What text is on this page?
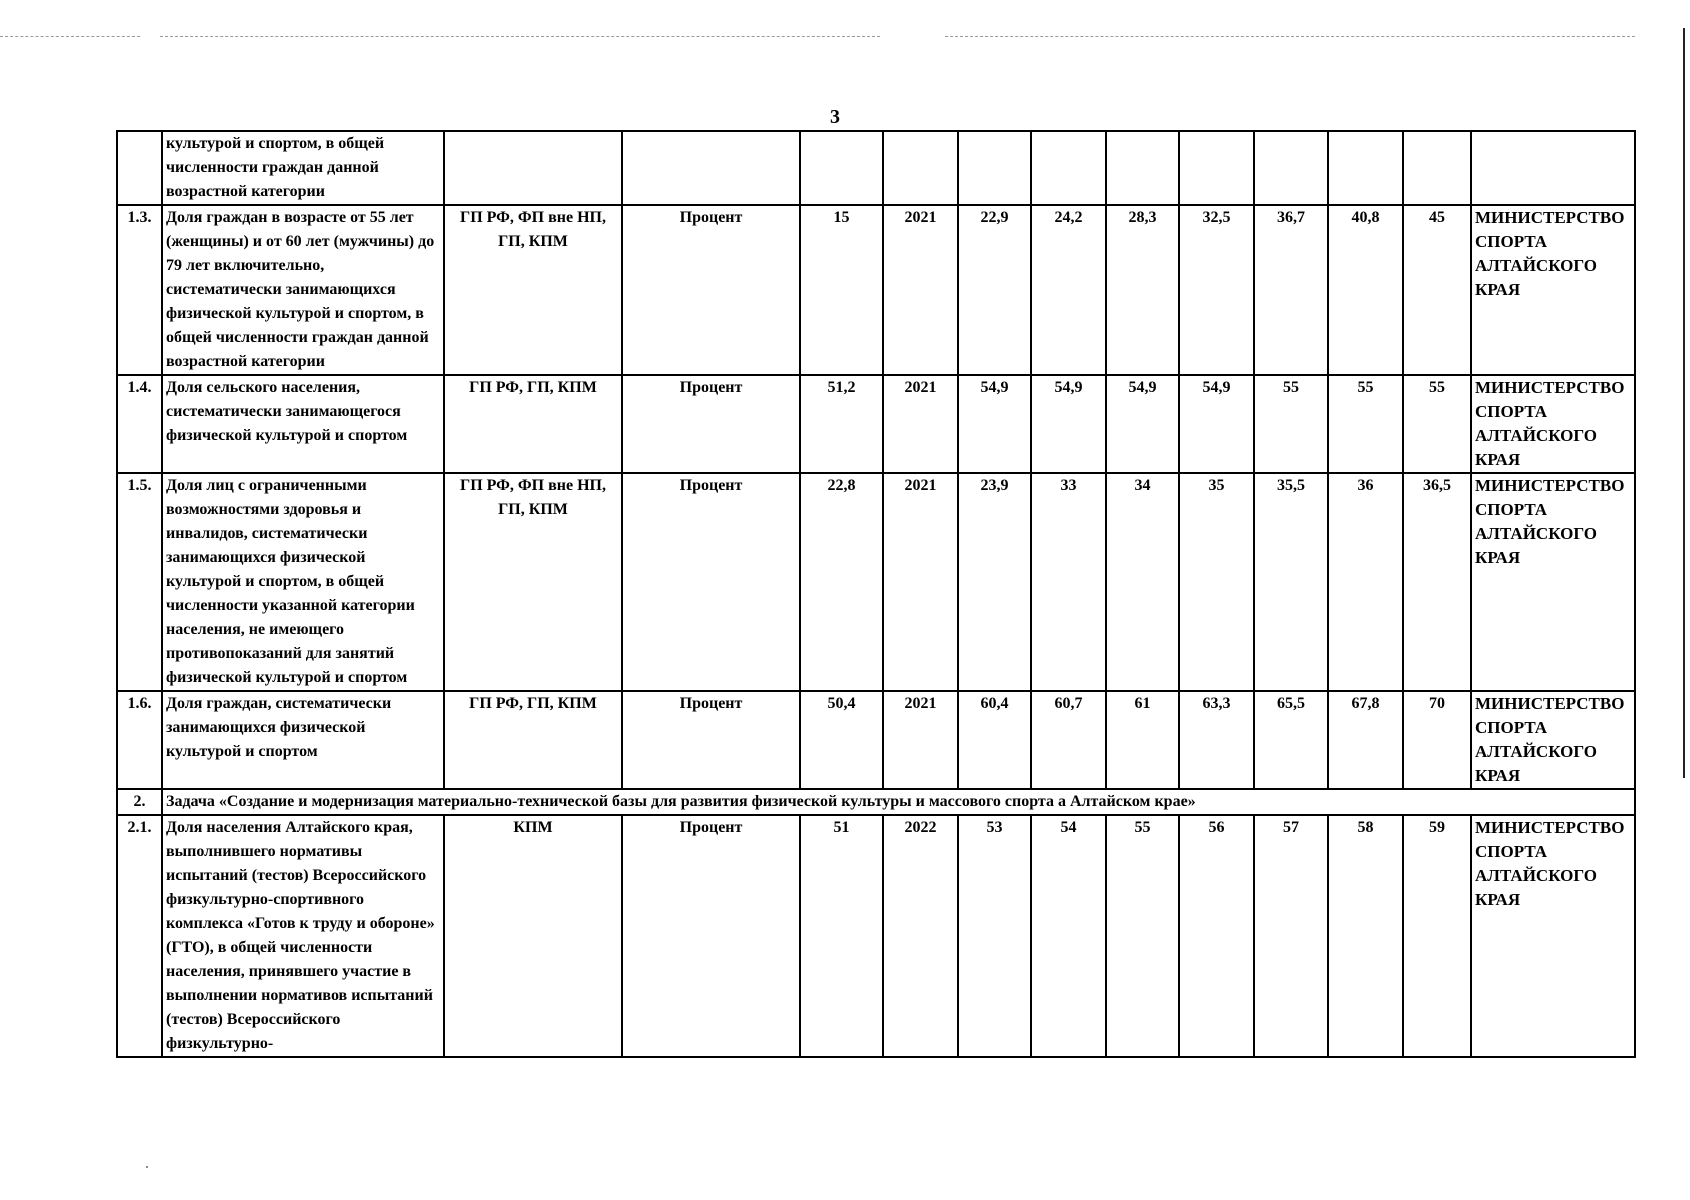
3
	культурой и спортом, в общей численности граждан данной возрастной категории												
1.3.	Доля граждан в возрасте от 55 лет (женщины) и от 60 лет (мужчины) до 79 лет включительно, систематически занимающихся физической культурой и спортом, в общей численности граждан данной возрастной категории	ГП РФ, ФП вне НП, ГП, КПМ	Процент	15	2021	22,9	24,2	28,3	32,5	36,7	40,8	45	МИНИСТЕРСТВО СПОРТА АЛТАЙСКОГО КРАЯ
1.4.	Доля сельского населения, систематически занимающегося физической культурой и спортом	ГП РФ, ГП, КПМ	Процент	51,2	2021	54,9	54,9	54,9	54,9	55	55	55	МИНИСТЕРСТВО СПОРТА АЛТАЙСКОГО КРАЯ
1.5.	Доля лиц с ограниченными возможностями здоровья и инвалидов, систематически занимающихся физической культурой и спортом, в общей численности указанной категории населения, не имеющего противопоказаний для занятий физической культурой и спортом	ГП РФ, ФП вне НП, ГП, КПМ	Процент	22,8	2021	23,9	33	34	35	35,5	36	36,5	МИНИСТЕРСТВО СПОРТА АЛТАЙСКОГО КРАЯ
1.6.	Доля граждан, систематически занимающихся физической культурой и спортом	ГП РФ, ГП, КПМ	Процент	50,4	2021	60,4	60,7	61	63,3	65,5	67,8	70	МИНИСТЕРСТВО СПОРТА АЛТАЙСКОГО КРАЯ
2.	Задача «Создание и модернизация материально-технической базы для развития физической культуры и массового спорта а Алтайском крае»												
2.1.	Доля населения Алтайского края, выполнившего нормативы испытаний (тестов) Всероссийского физкультурно-спортивного комплекса «Готов к труду и обороне» (ГТО), в общей численности населения, принявшего участие в выполнении нормативов испытаний (тестов) Всероссийского физкультурно-	КПМ	Процент	51	2022	53	54	55	56	57	58	59	МИНИСТЕРСТВО СПОРТА АЛТАЙСКОГО КРАЯ
